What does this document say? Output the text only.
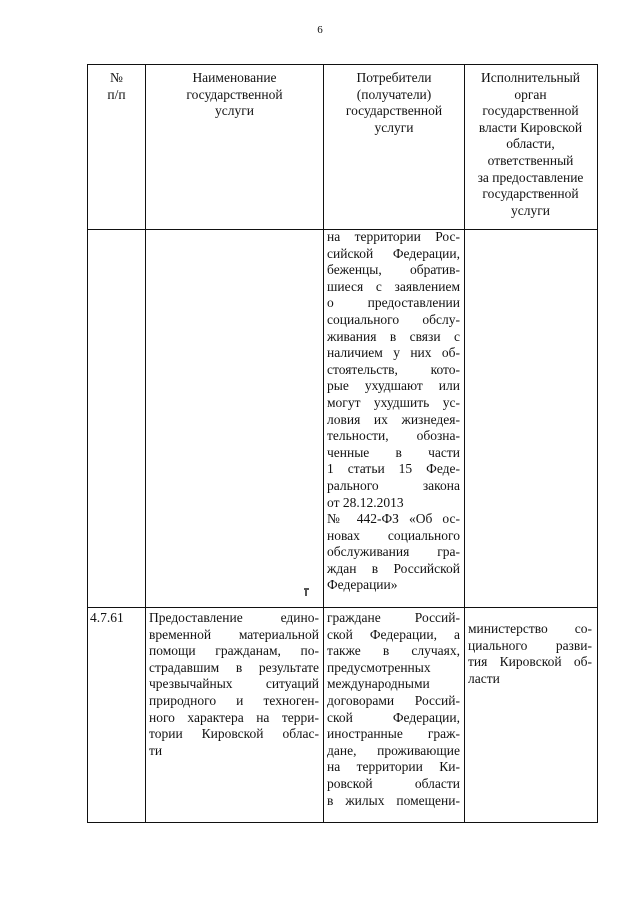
6
№
п/п
Наименование
государственной
услуги
Потребители
(получатели)
государственной
услуги
Исполнительный
орган
государственной
власти Кировской
области,
ответственный
за предоставление
государственной
услуги
на территории Рос-
сийской Федерации,
беженцы, обратив-
шиеся с заявлением
о предоставлении
социального обслу-
живания в связи с
наличием у них об-
стоятельств, кото-
рые ухудшают или
могут ухудшить ус-
ловия их жизнедея-
тельности, обозна-
ченные в части
1 статьи 15 Феде-
рального закона
от 28.12.2013
№ 442-ФЗ «Об ос-
новах социального
обслуживания гра-
ждан в Российской
Федерации»
4.7.61	Предоставление едино-
временной материальной
помощи гражданам, по-
страдавшим в результате
чрезвычайных ситуаций
природного и техноген-
ного характера на терри-
тории Кировской облас-
ти
граждане Россий-
ской Федерации, а
также в случаях,
предусмотренных
международными
договорами Россий-
ской Федерации,
иностранные граж-
дане, проживающие
на территории Ки-
ровской области
в жилых помещени-
министерство со-
циального разви-
тия Кировской об-
ласти
